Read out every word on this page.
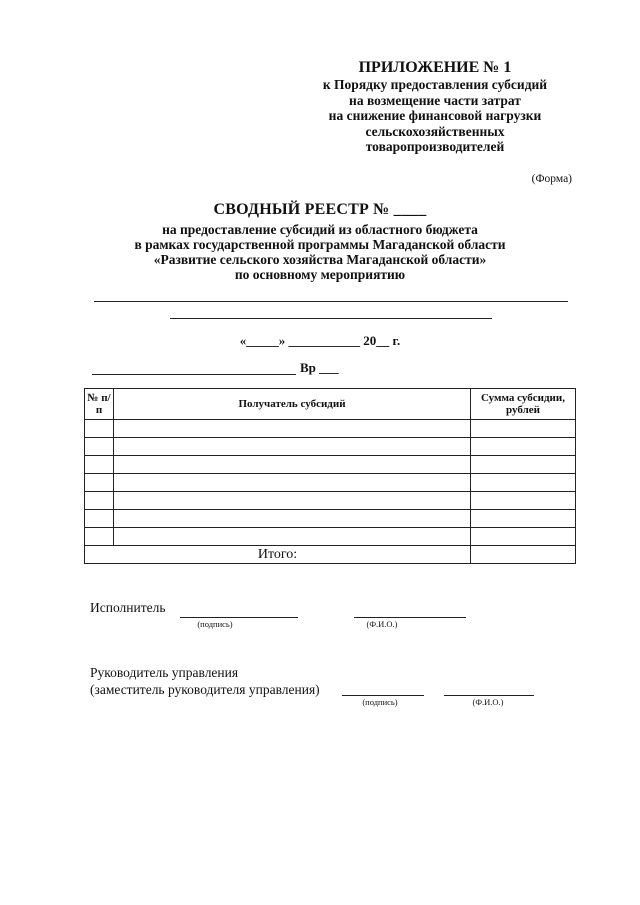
ПРИЛОЖЕНИЕ № 1
к Порядку предоставления субсидий
на возмещение части затрат
на снижение финансовой нагрузки
сельскохозяйственных
товаропроизводителей
(Форма)
СВОДНЫЙ РЕЕСТР № ____
на предоставление субсидий из областного бюджета
в рамках государственной программы Магаданской области
«Развитие сельского хозяйства Магаданской области»
по основному мероприятию
«_____» ___________ 20__ г.
Вр ___
№ п/п	Получатель субсидий	Сумма субсидии, рублей

Итого:		
Исполнитель
(подпись)	(Ф.И.О.)
Руководитель управления
(заместитель руководителя управления)
(подпись)	(Ф.И.О.)
